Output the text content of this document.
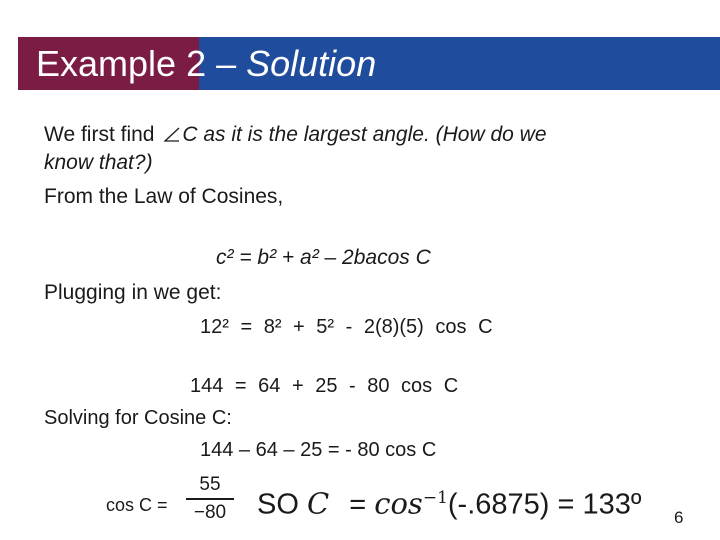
Example 2 – Solution
We first find C as it is the largest angle. (How do we
know that?)
From the Law of Cosines,
c² = b² + a² – 2bacos C
Plugging in we get:
12² = 8² + 5² - 2(8)(5) cos C
144 = 64 + 25 - 80 cos C
Solving for Cosine C:
144 – 64 – 25 = - 80 cos C
cos C =
55
−80 SO $C = \cos^{-1}(-.6875)$ = 133º 6
